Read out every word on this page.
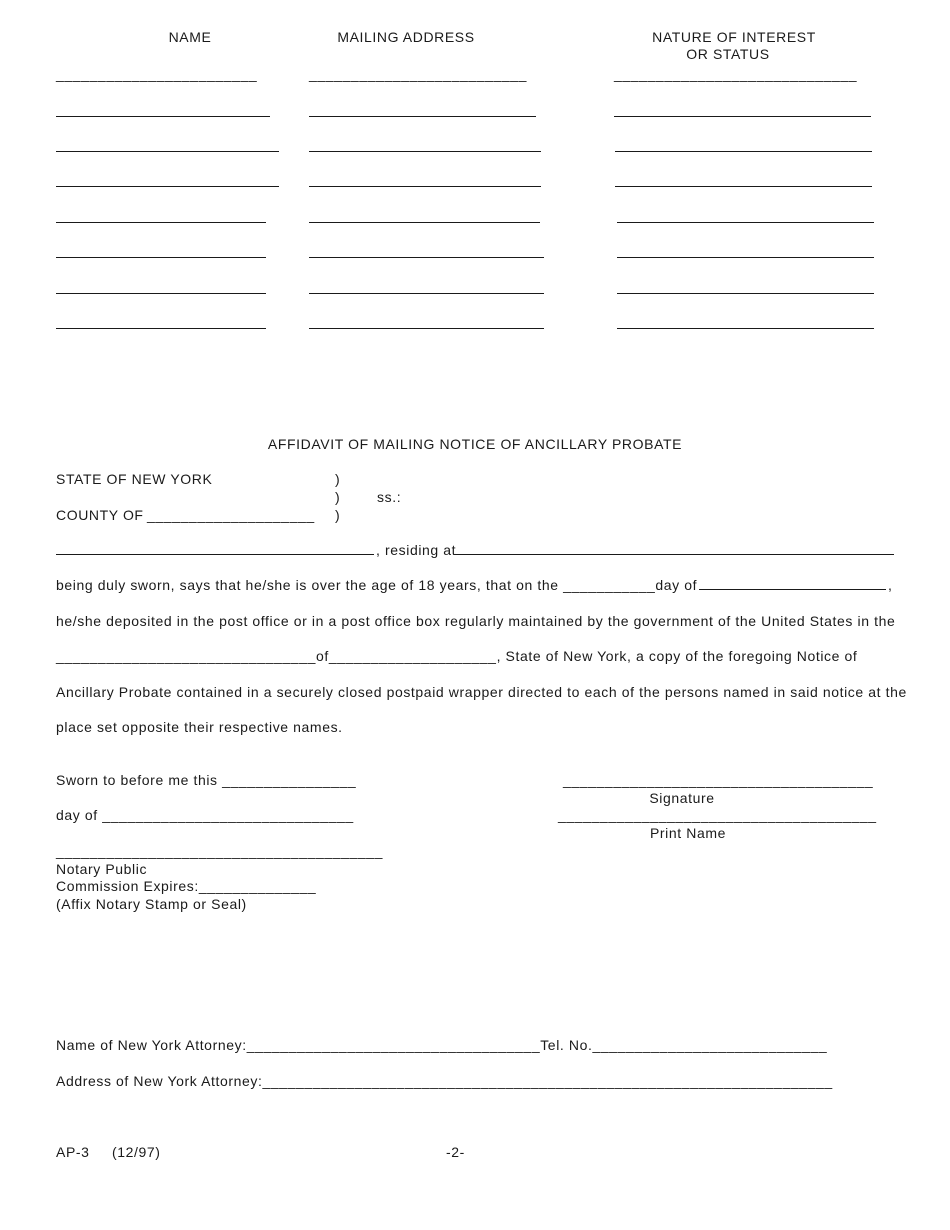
NAME	MAILING ADDRESS	NATURE OF INTEREST
OR STATUS
________________________	__________________________	_____________________________
AFFIDAVIT OF MAILING NOTICE OF ANCILLARY PROBATE
STATE OF NEW YORK	)
)	ss.:
COUNTY OF ____________________ )
, residing at
being duly sworn, says that he/she is over the age of 18 years, that on the ___________day of	,
he/she deposited in the post office or in a post office box regularly maintained by the government of the United States in the
_______________________________of____________________, State of New York, a copy of the foregoing Notice of
Ancillary Probate contained in a securely closed postpaid wrapper directed to each of the persons named in said notice at the
place set opposite their respective names.
Sworn to before me this ________________
day of ______________________________
_______________________________________
Notary Public
Commission Expires:______________
(Affix Notary Stamp or Seal)
_____________________________________
Signature
______________________________________
Print Name
Name of New York Attorney:___________________________________Tel. No.____________________________
Address of New York Attorney:____________________________________________________________________
AP-3 (12/97)	-2-
